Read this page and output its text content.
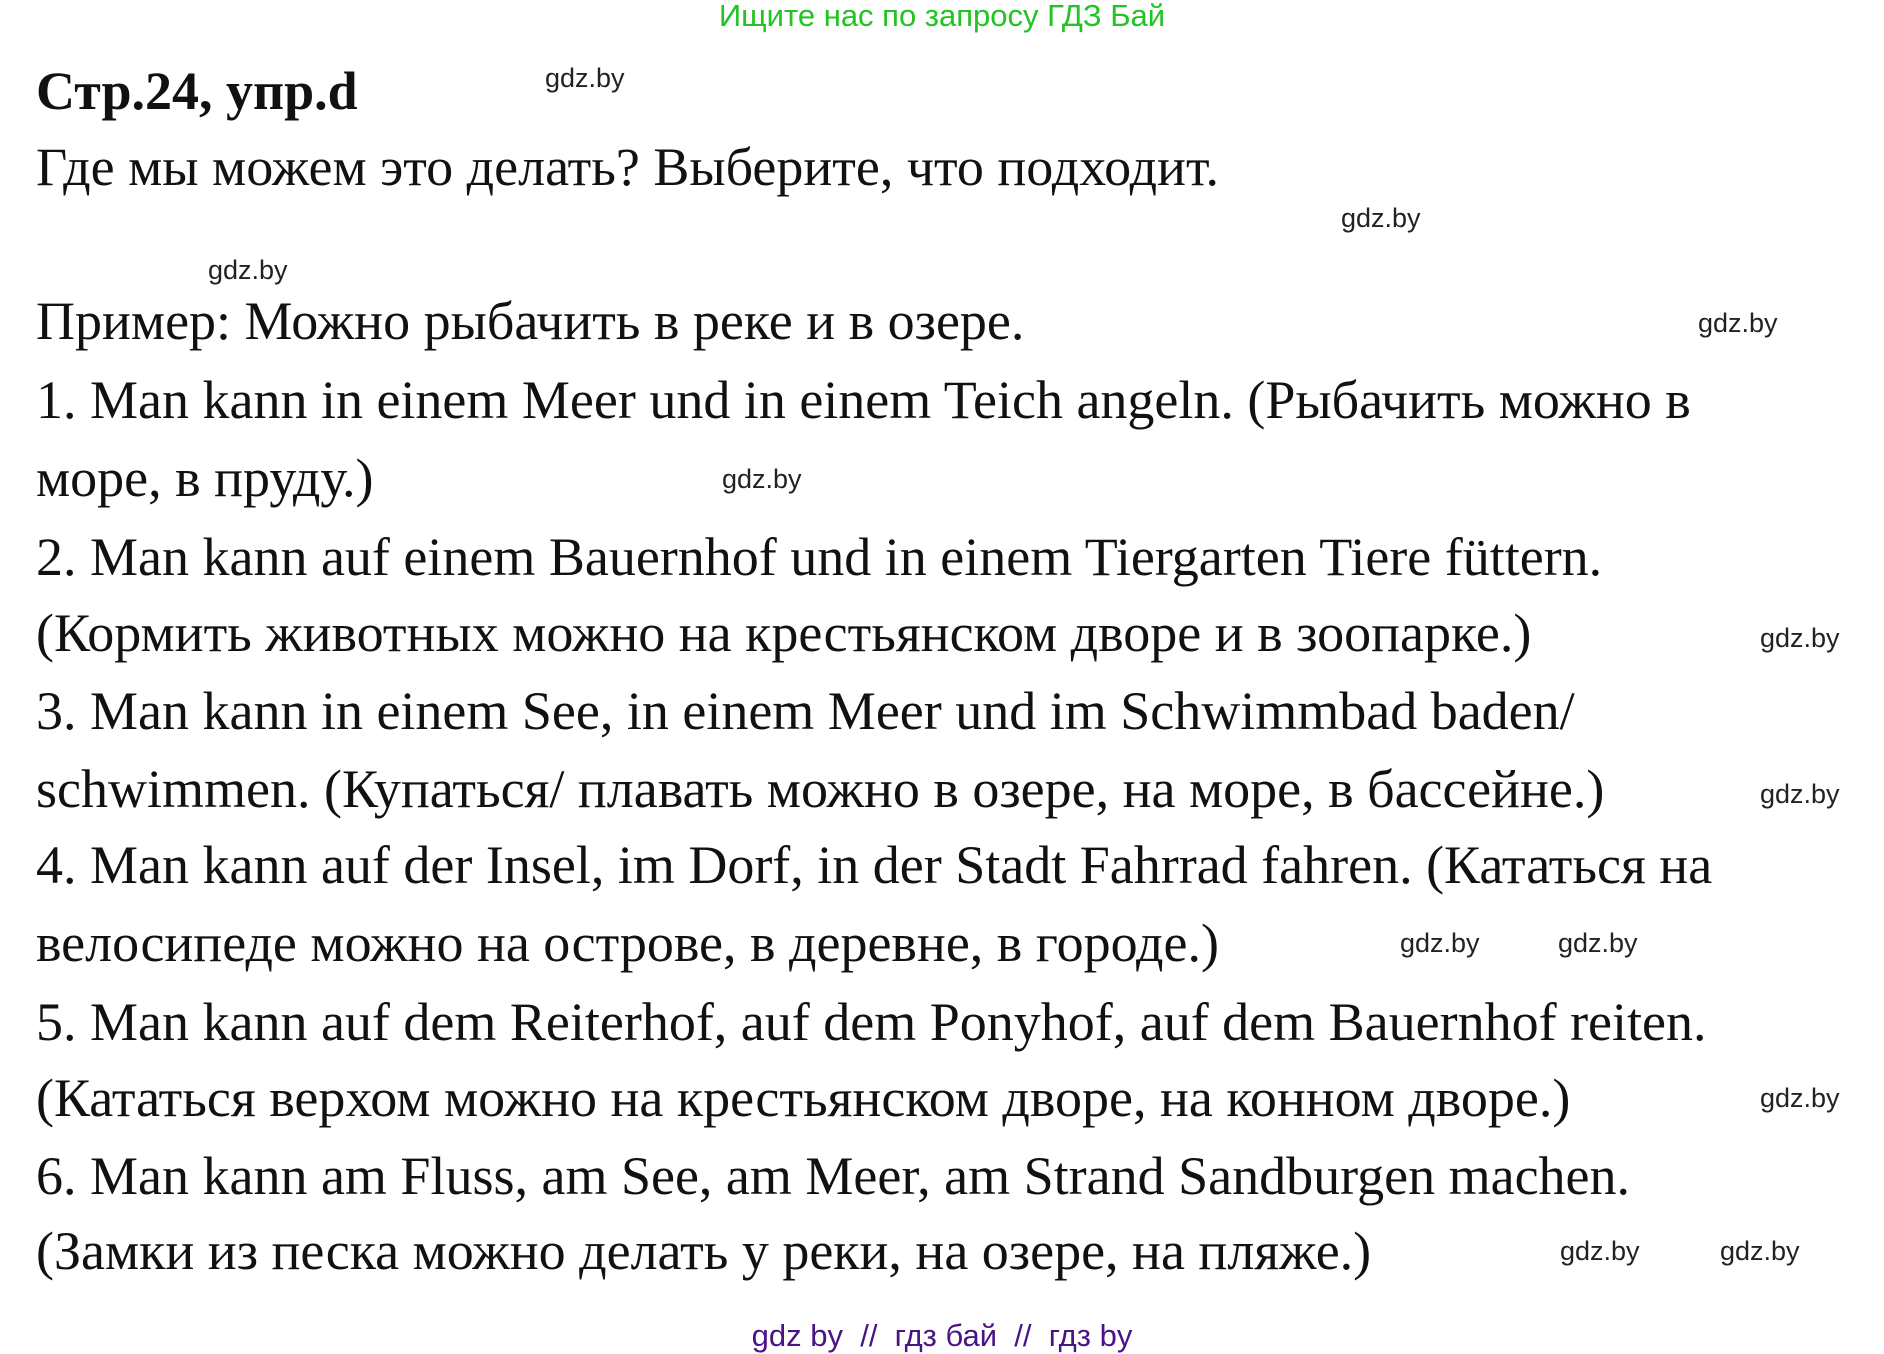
Ищите нас по запросу ГДЗ Бай
Стр.24, упр.d
Где мы можем это делать? Выберите, что подходит.
Пример: Можно рыбачить в реке и в озере.
1. Man kann in einem Meer und in einem Teich angeln. (Рыбачить можно в
море, в пруду.)
2. Man kann auf einem Bauernhof und in einem Tiergarten Tiere füttern.
(Кормить животных можно на крестьянском дворе и в зоопарке.)
3. Man kann in einem See, in einem Meer und im Schwimmbad baden/
schwimmen. (Купаться/ плавать можно в озере, на море, в бассейне.)
4. Man kann auf der Insel, im Dorf, in der Stadt Fahrrad fahren. (Кататься на
велосипеде можно на острове, в деревне, в городе.)
5. Man kann auf dem Reiterhof, auf dem Ponyhof, auf dem Bauernhof reiten.
(Кататься верхом можно на крестьянском дворе, на конном дворе.)
6. Man kann am Fluss, am See, am Meer, am Strand Sandburgen machen.
(Замки из песка можно делать у реки, на озере, на пляже.)
gdz.by
gdz.by
gdz.by
gdz.by
gdz.by
gdz.by
gdz.by
gdz.by	gdz.by
gdz.by
gdz.by	gdz.by
gdz by  //  гдз бай  //  гдз by
